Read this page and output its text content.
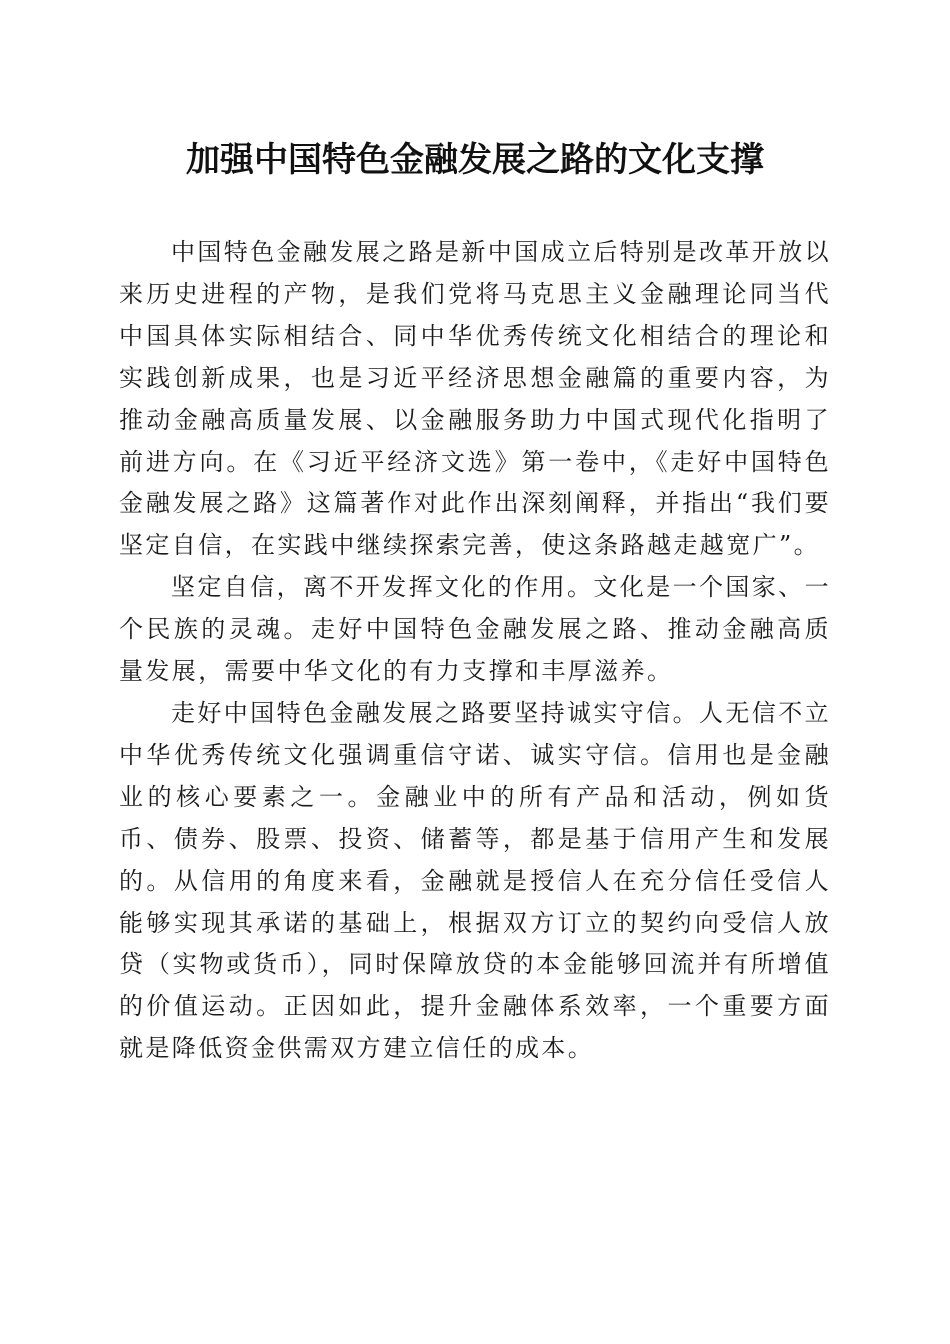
加强中国特色金融发展之路的文化支撑

中国特色金融发展之路是新中国成立后特别是改革开放以来历史进程的产物，是我们党将马克思主义金融理论同当代中国具体实际相结合、同中华优秀传统文化相结合的理论和实践创新成果，也是习近平经济思想金融篇的重要内容，为推动金融高质量发展、以金融服务助力中国式现代化指明了前进方向。在《习近平经济文选》第一卷中，《走好中国特色金融发展之路》这篇著作对此作出深刻阐释，并指出“我们要坚定自信，在实践中继续探索完善，使这条路越走越宽广”。

坚定自信，离不开发挥文化的作用。文化是一个国家、一个民族的灵魂。走好中国特色金融发展之路、推动金融高质量发展，需要中华文化的有力支撑和丰厚滋养。

走好中国特色金融发展之路要坚持诚实守信。人无信不立中华优秀传统文化强调重信守诺、诚实守信。信用也是金融业的核心要素之一。金融业中的所有产品和活动，例如货币、债券、股票、投资、储蓄等，都是基于信用产生和发展的。从信用的角度来看，金融就是授信人在充分信任受信人能够实现其承诺的基础上，根据双方订立的契约向受信人放贷（实物或货币），同时保障放贷的本金能够回流并有所增值的价值运动。正因如此，提升金融体系效率，一个重要方面就是降低资金供需双方建立信任的成本。
